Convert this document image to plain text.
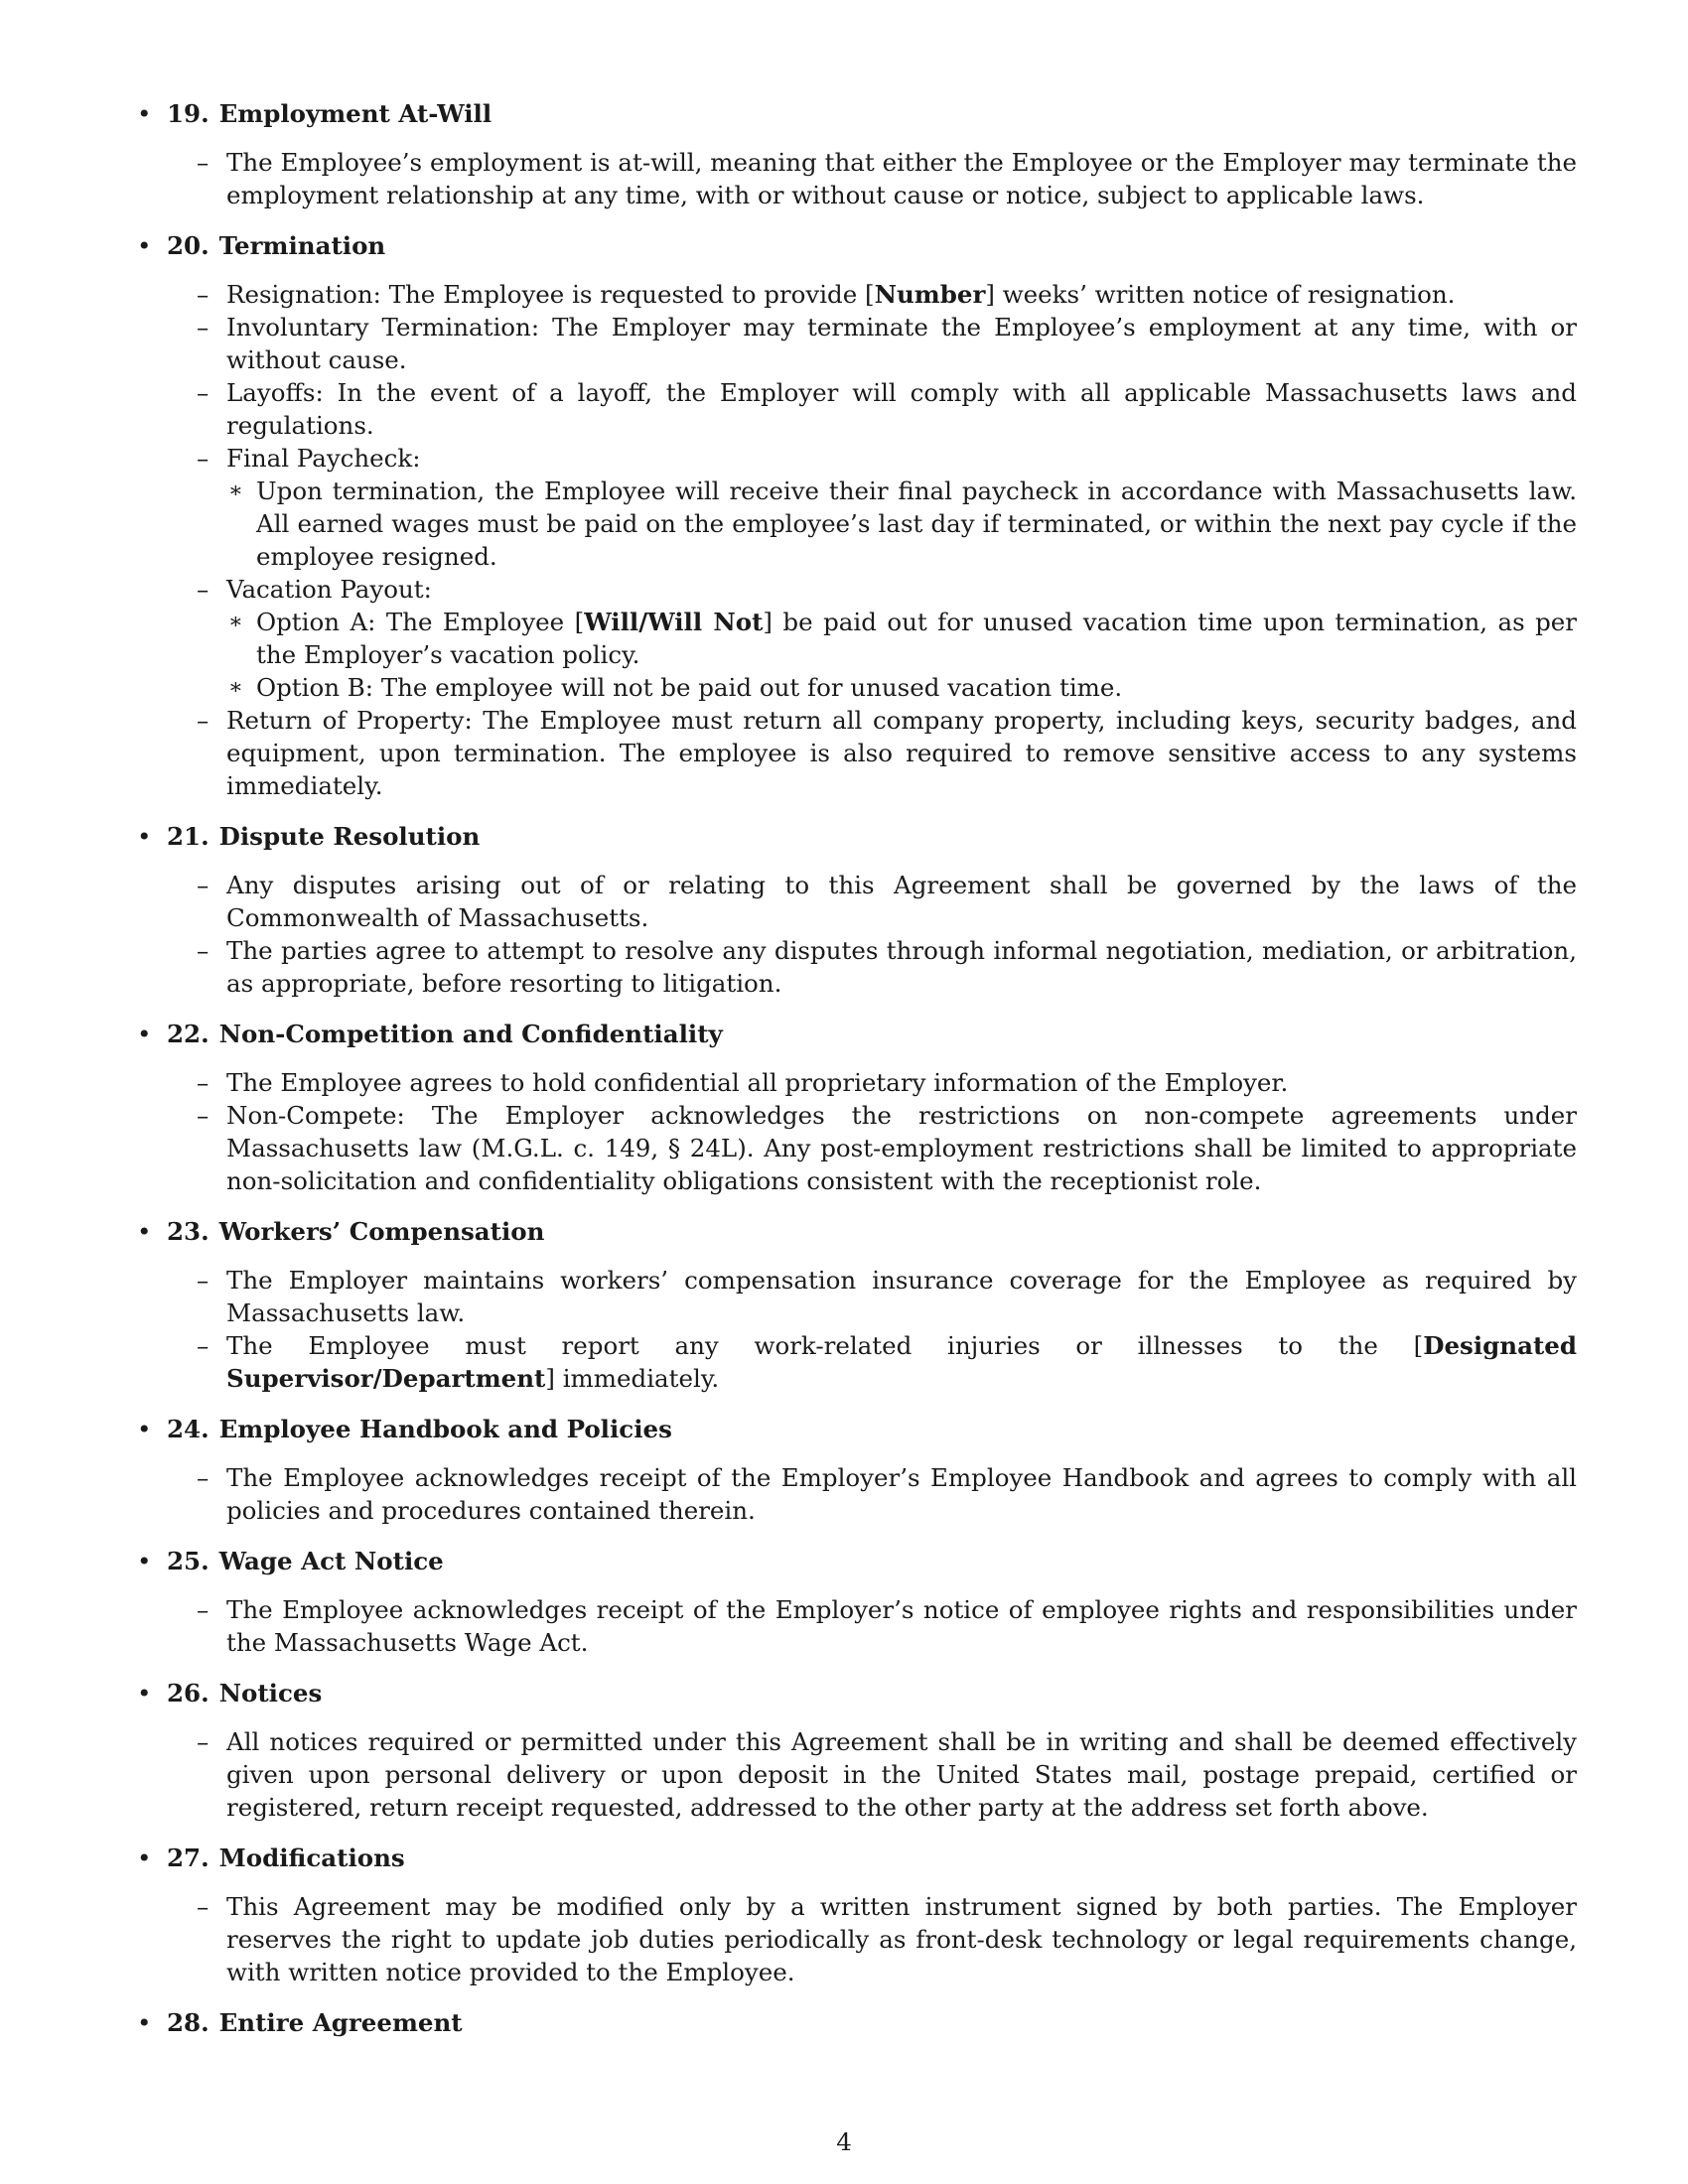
• 19. Employment At-Will
– The Employee’s employment is at-will, meaning that either the Employee or the Employer may terminate the employment relationship at any time, with or without cause or notice, subject to applicable laws.
• 20. Termination
– Resignation: The Employee is requested to provide [Number] weeks’ written notice of resignation.
– Involuntary Termination: The Employer may terminate the Employee’s employment at any time, with or without cause.
– Layoffs: In the event of a layoff, the Employer will comply with all applicable Massachusetts laws and regulations.
– Final Paycheck:
∗ Upon termination, the Employee will receive their final paycheck in accordance with Massachusetts law. All earned wages must be paid on the employee’s last day if terminated, or within the next pay cycle if the employee resigned.
– Vacation Payout:
∗ Option A: The Employee [Will/Will Not] be paid out for unused vacation time upon termination, as per the Employer’s vacation policy.
∗ Option B: The employee will not be paid out for unused vacation time.
– Return of Property: The Employee must return all company property, including keys, security badges, and equipment, upon termination. The employee is also required to remove sensitive access to any systems immediately.
• 21. Dispute Resolution
– Any disputes arising out of or relating to this Agreement shall be governed by the laws of the Commonwealth of Massachusetts.
– The parties agree to attempt to resolve any disputes through informal negotiation, mediation, or arbitration, as appropriate, before resorting to litigation.
• 22. Non-Competition and Confidentiality
– The Employee agrees to hold confidential all proprietary information of the Employer.
– Non-Compete: The Employer acknowledges the restrictions on non-compete agreements under Massachusetts law (M.G.L. c. 149, § 24L). Any post-employment restrictions shall be limited to appropriate non-solicitation and confidentiality obligations consistent with the receptionist role.
• 23. Workers’ Compensation
– The Employer maintains workers’ compensation insurance coverage for the Employee as required by Massachusetts law.
– The Employee must report any work-related injuries or illnesses to the [Designated Supervisor/Department] immediately.
• 24. Employee Handbook and Policies
– The Employee acknowledges receipt of the Employer’s Employee Handbook and agrees to comply with all policies and procedures contained therein.
• 25. Wage Act Notice
– The Employee acknowledges receipt of the Employer’s notice of employee rights and responsibilities under the Massachusetts Wage Act.
• 26. Notices
– All notices required or permitted under this Agreement shall be in writing and shall be deemed effectively given upon personal delivery or upon deposit in the United States mail, postage prepaid, certified or registered, return receipt requested, addressed to the other party at the address set forth above.
• 27. Modifications
– This Agreement may be modified only by a written instrument signed by both parties. The Employer reserves the right to update job duties periodically as front-desk technology or legal requirements change, with written notice provided to the Employee.
• 28. Entire Agreement
4
